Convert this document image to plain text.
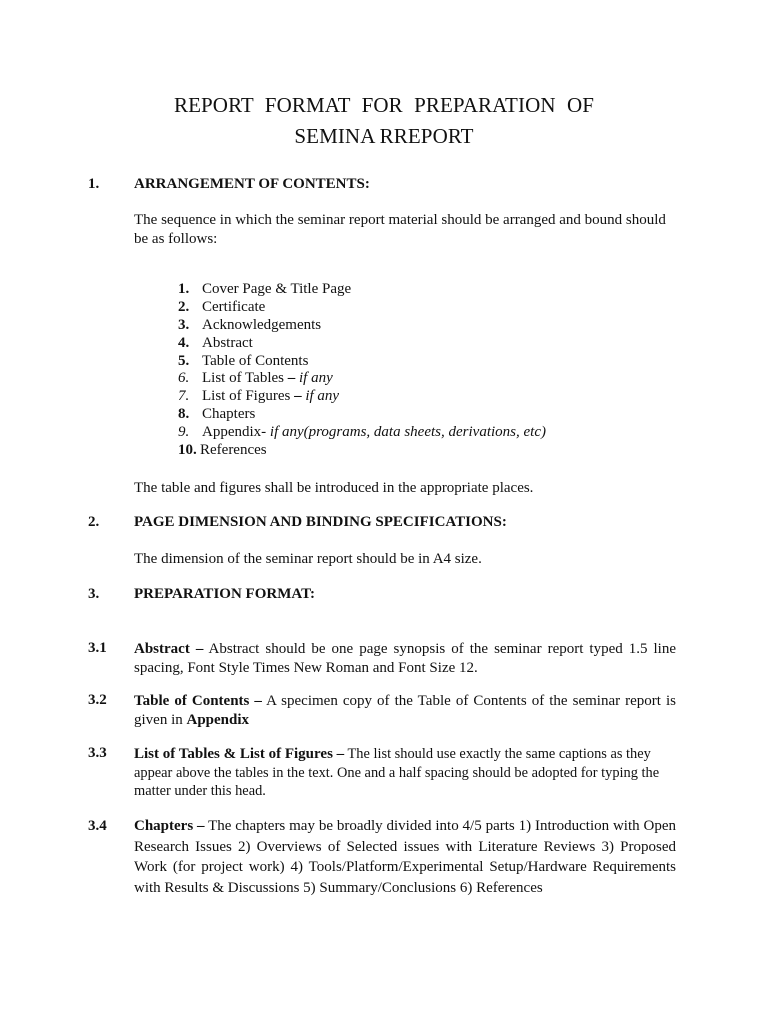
REPORT FORMAT FOR PREPARATION OF
SEMINA RREPORT
1. ARRANGEMENT OF CONTENTS:
The sequence in which the seminar report material should be arranged and bound should be as follows:
1. Cover Page & Title Page
2. Certificate
3. Acknowledgements
4. Abstract
5. Table of Contents
6. List of Tables – if any
7. List of Figures – if any
8. Chapters
9. Appendix- if any(programs, data sheets, derivations, etc)
10. References
The table and figures shall be introduced in the appropriate places.
2. PAGE DIMENSION AND BINDING SPECIFICATIONS:
The dimension of the seminar report should be in A4 size.
3. PREPARATION FORMAT:
3.1 Abstract – Abstract should be one page synopsis of the seminar report typed 1.5 line spacing, Font Style Times New Roman and Font Size 12.
3.2 Table of Contents – A specimen copy of the Table of Contents of the seminar report is given in Appendix
3.3 List of Tables & List of Figures – The list should use exactly the same captions as they appear above the tables in the text. One and a half spacing should be adopted for typing the matter under this head.
3.4 Chapters – The chapters may be broadly divided into 4/5 parts 1) Introduction with Open Research Issues 2) Overviews of Selected issues with Literature Reviews 3) Proposed Work (for project work) 4) Tools/Platform/Experimental Setup/Hardware Requirements with Results & Discussions 5) Summary/Conclusions 6) References
